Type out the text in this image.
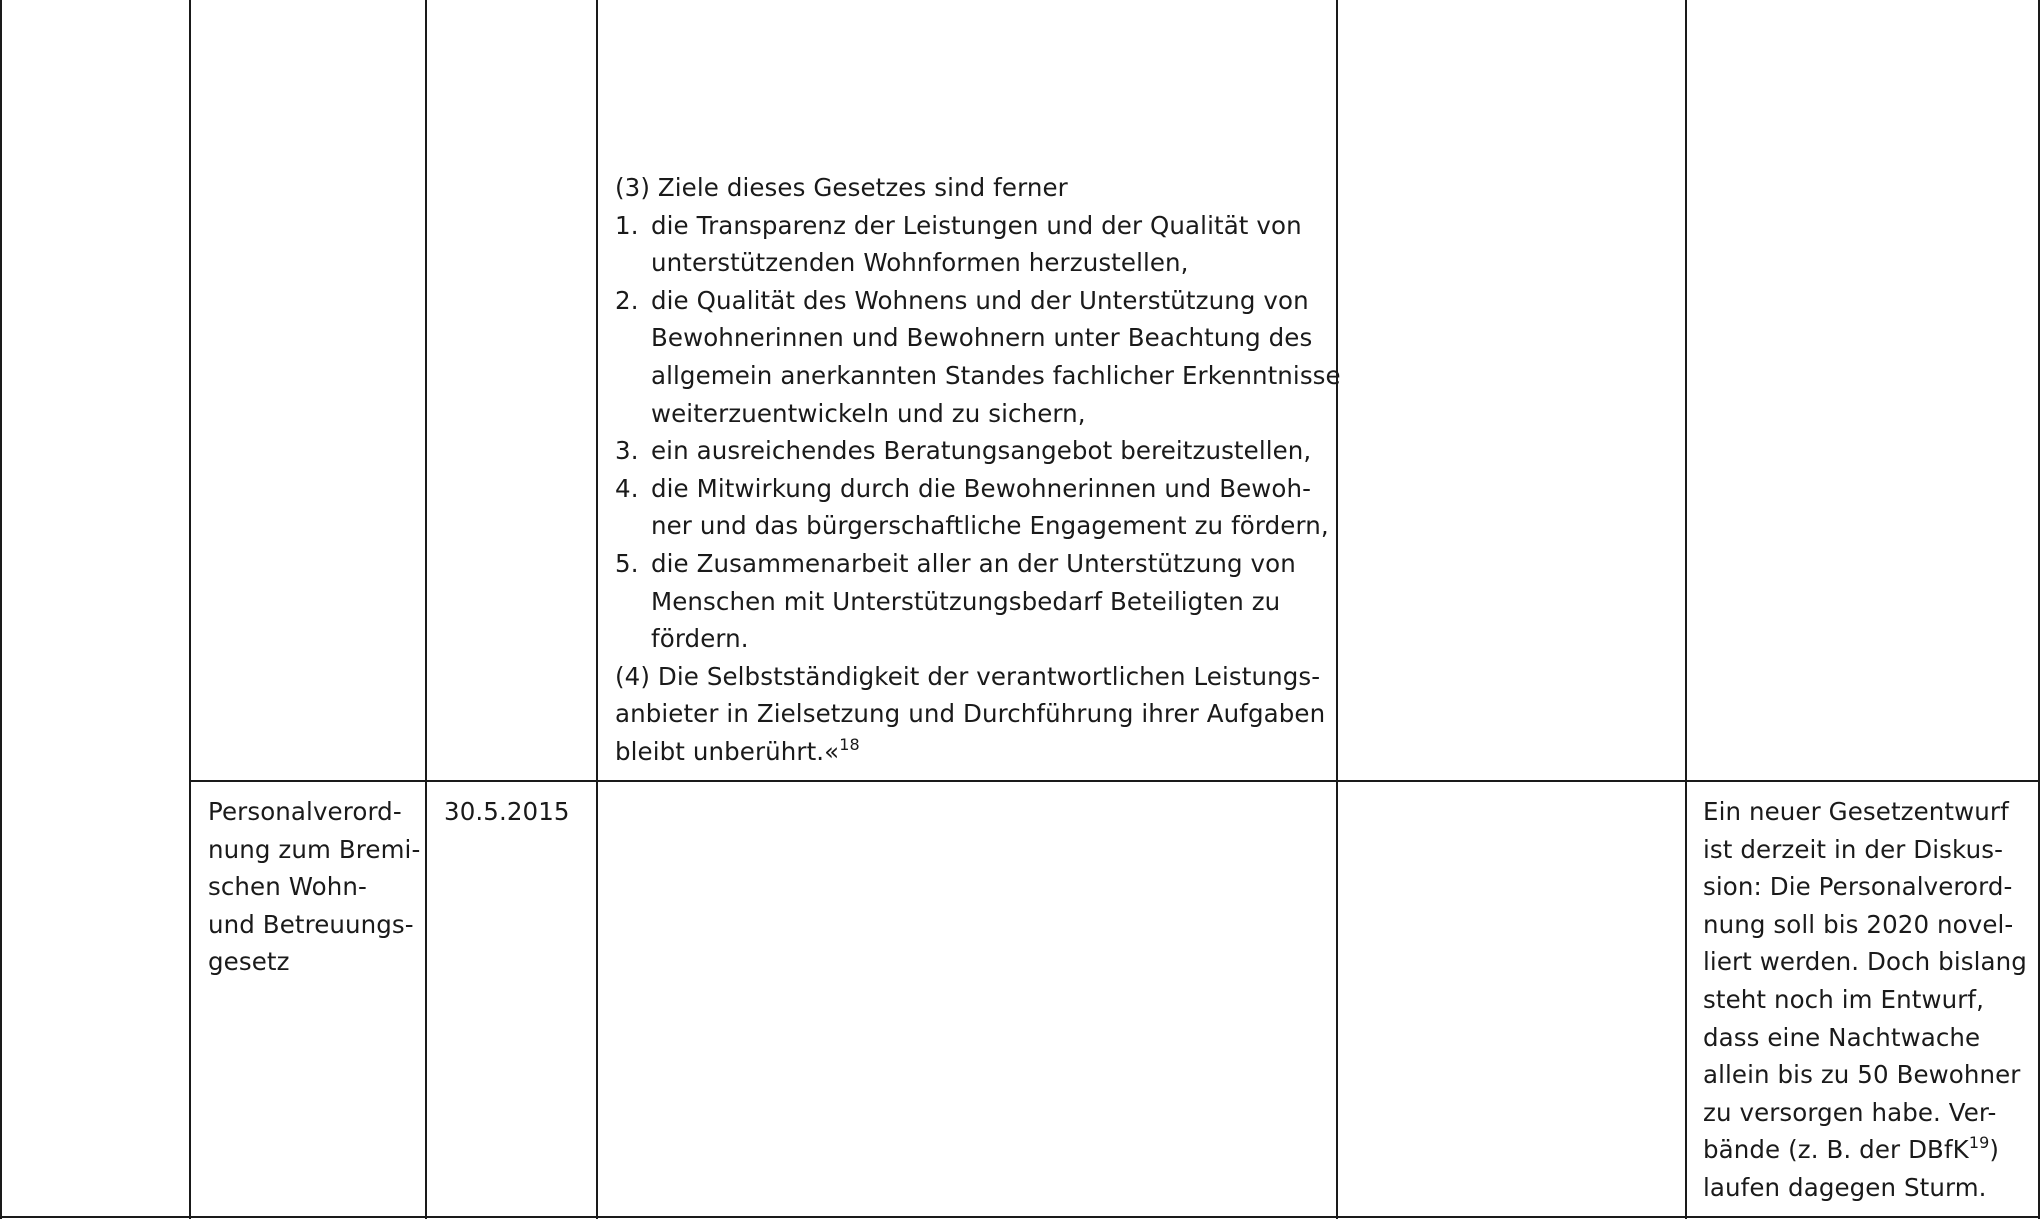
(3) Ziele dieses Gesetzes sind ferner

1. die Transparenz der Leistungen und der Qualität von
unterstützenden Wohnformen herzustellen,
2. die Qualität des Wohnens und der Unterstützung von
Bewohnerinnen und Bewohnern unter Beachtung des
allgemein anerkannten Standes fachlicher Erkenntnisse
weiterzuentwickeln und zu sichern,
3. ein ausreichendes Beratungsangebot bereitzustellen,
4. die Mitwirkung durch die Bewohnerinnen und Bewoh-
ner und das bürgerschaftliche Engagement zu fördern,
5. die Zusammenarbeit aller an der Unterstützung von
Menschen mit Unterstützungsbedarf Beteiligten zu
fördern.

(4) Die Selbstständigkeit der verantwortlichen Leistungs-

anbieter in Zielsetzung und Durchführung ihrer Aufgaben

bleibt unberührt.«$^{18}$

Personalverord-

nung zum Bremi-

schen Wohn-

und Betreuungs-

gesetz

30.5.2015	Ein neuer Gesetzentwurf

ist derzeit in der Diskus-

sion: Die Personalverord-

nung soll bis 2020 novel-

liert werden. Doch bislang

steht noch im Entwurf,

dass eine Nachtwache

allein bis zu 50 Bewohner

zu versorgen habe. Ver-

bände (z. B. der DBfK$^{19}$)

laufen dagegen Sturm.
